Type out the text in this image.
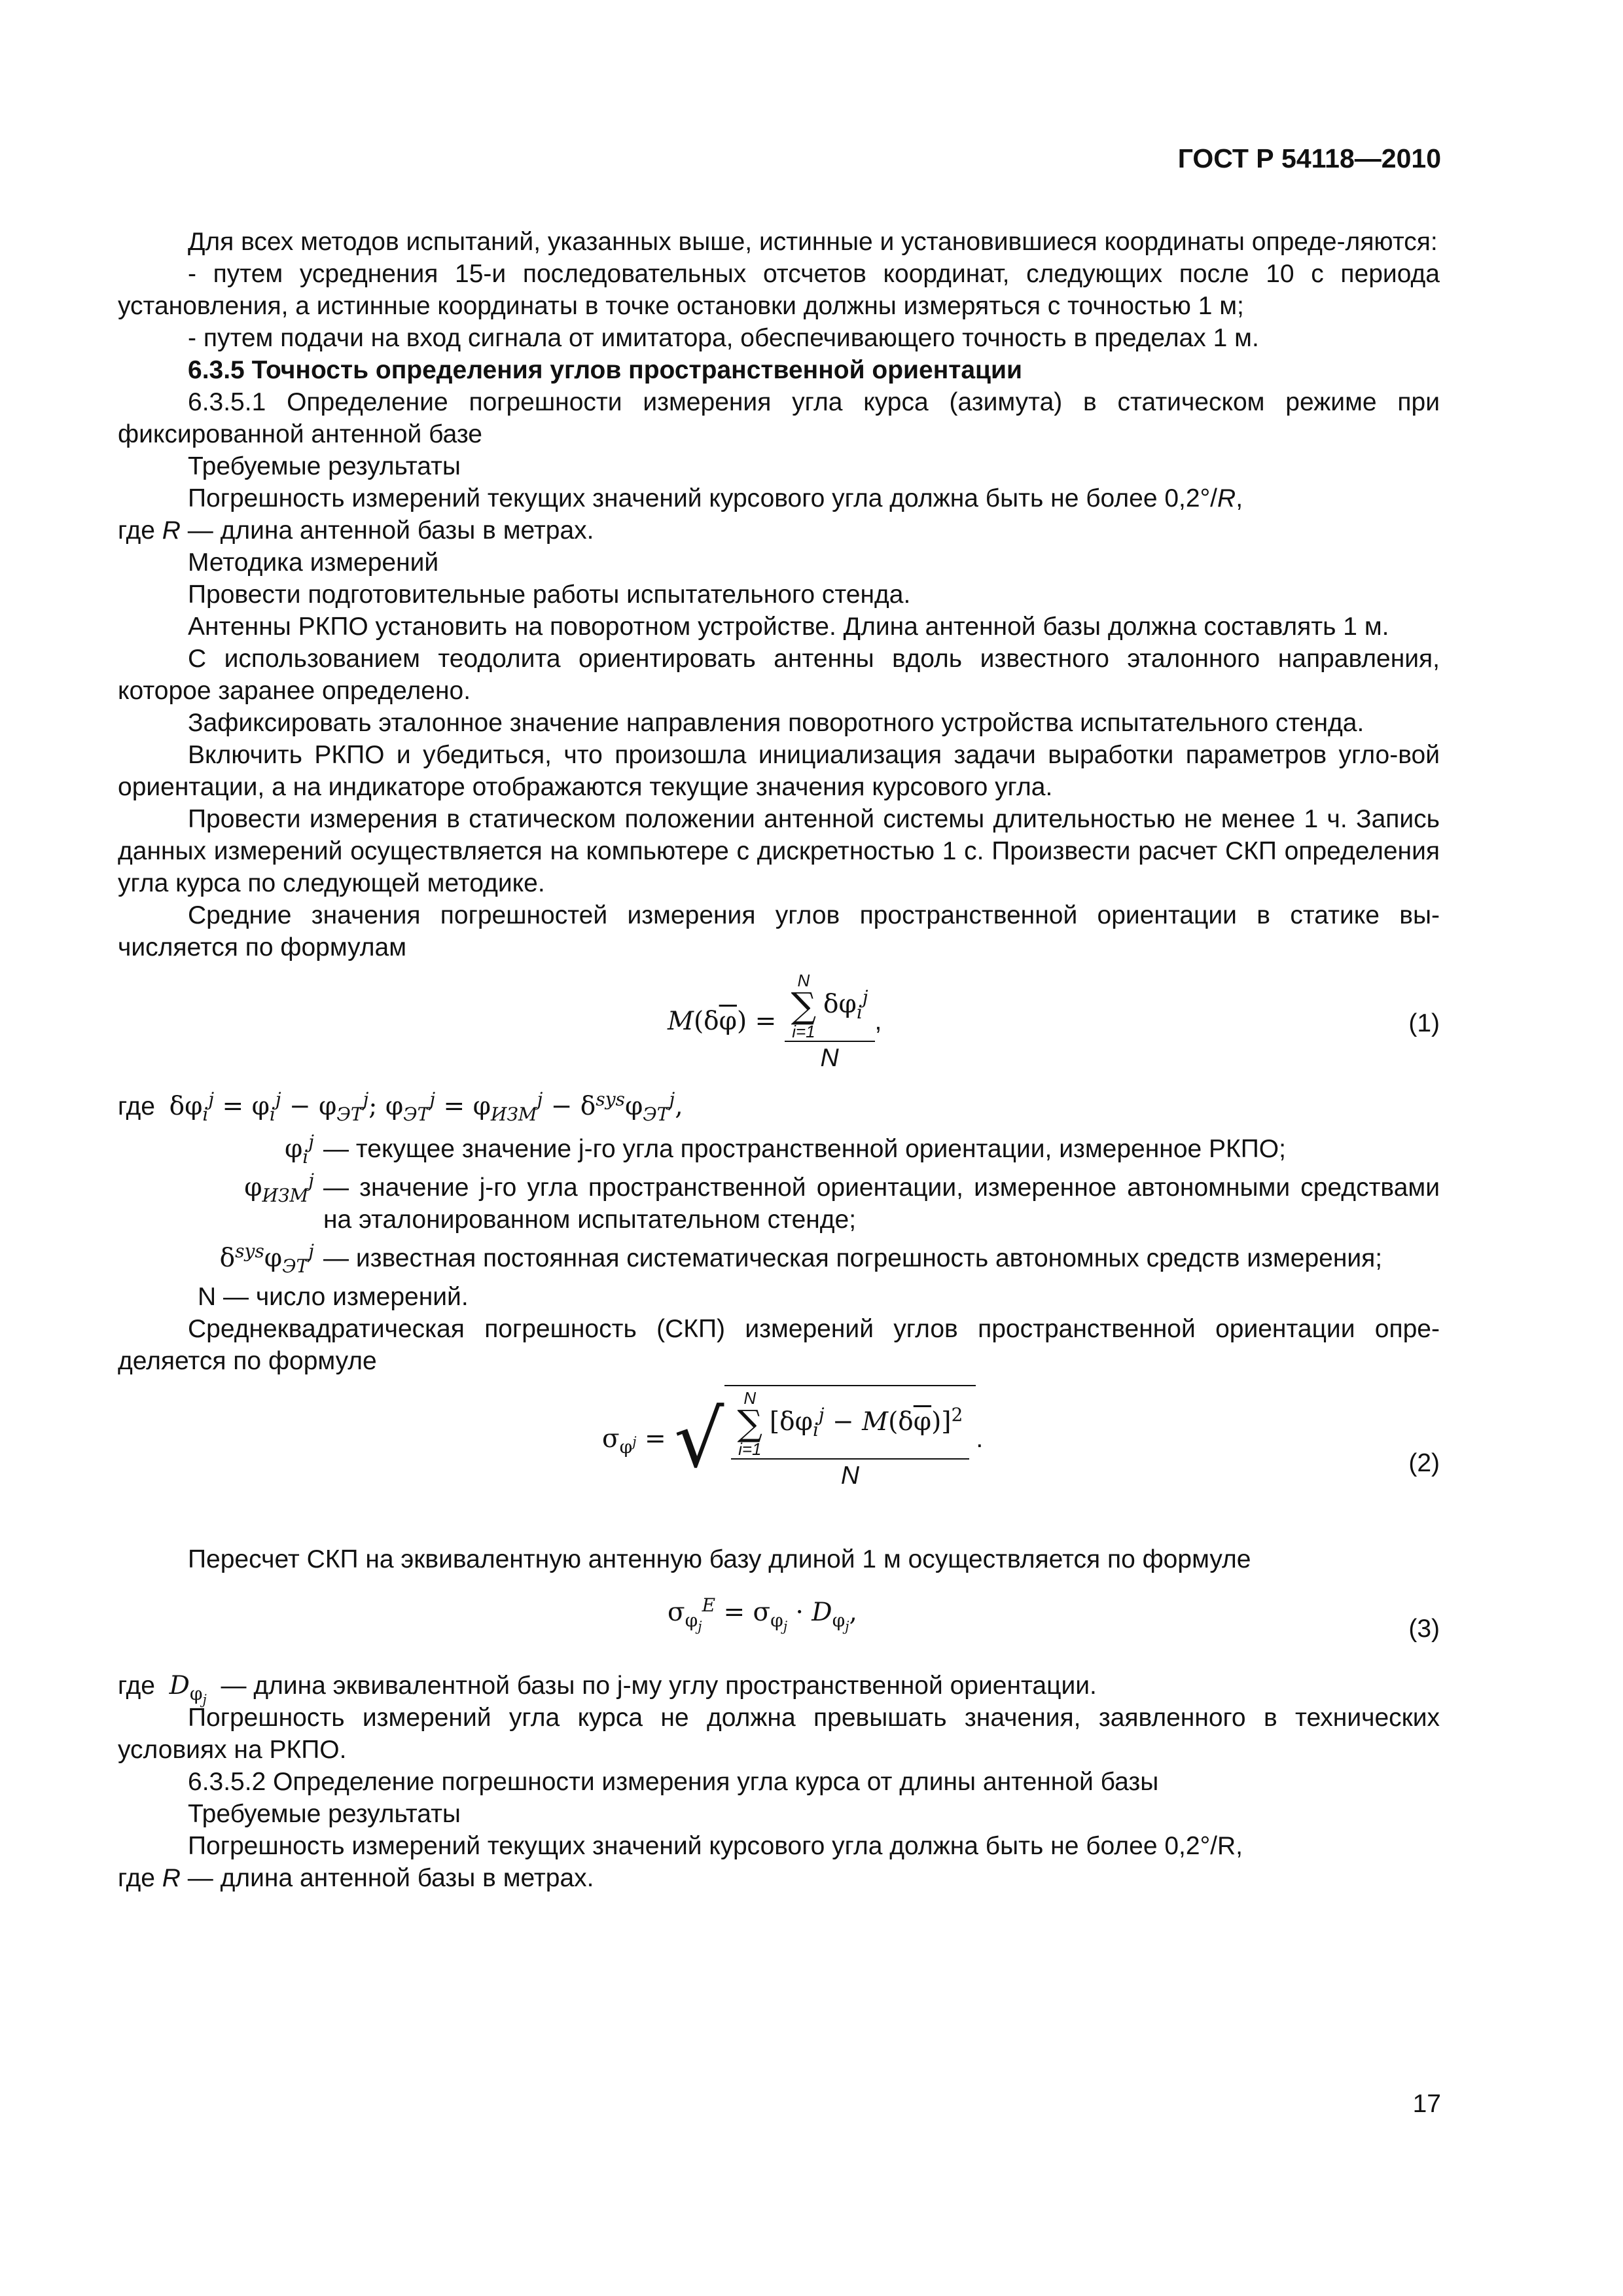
ГОСТ Р 54118—2010

Для всех методов испытаний, указанных выше, истинные и установившиеся координаты опреде-ляются:

- путем усреднения 15-и последовательных отсчетов координат, следующих после 10 с периода установления, а истинные координаты в точке остановки должны измеряться с точностью 1 м;

- путем подачи на вход сигнала от имитатора, обеспечивающего точность в пределах 1 м.

6.3.5 Точность определения углов пространственной ориентации

6.3.5.1 Определение погрешности измерения угла курса (азимута) в статическом режиме при фиксированной антенной базе

Требуемые результаты

Погрешность измерений текущих значений курсового угла должна быть не более 0,2°/R,

где R — длина антенной базы в метрах.

Методика измерений

Провести подготовительные работы испытательного стенда.

Антенны РКПО установить на поворотном устройстве. Длина антенной базы должна составлять 1 м.

С использованием теодолита ориентировать антенны вдоль известного эталонного направления, которое заранее определено.

Зафиксировать эталонное значение направления поворотного устройства испытательного стенда.

Включить РКПО и убедиться, что произошла инициализация задачи выработки параметров угло-вой ориентации, а на индикаторе отображаются текущие значения курсового угла.

Провести измерения в статическом положении антенной системы длительностью не менее 1 ч. Запись данных измерений осуществляется на компьютере с дискретностью 1 с. Произвести расчет СКП определения угла курса по следующей методике.

Средние значения погрешностей измерения углов пространственной ориентации в статике вы-числяется по формулам

$M(\delta\overline{\varphi}) = N$
∑
i=1
$\delta\varphi_i^j$
N ,	(1)

где $\delta\varphi_i^j = \varphi_i^j - \varphi_{ЭТ}^j$; $\varphi_{ЭТ}^j = \varphi_{ИЗМ}^j - \delta^{sys}\varphi_{ЭТ}^j$,

$\varphi_i^j$ — текущее значение j-го угла пространственной ориентации, измеренное РКПО;
$\varphi_{ИЗМ}^j$ — значение j-го угла пространственной ориентации, измеренное автономными средствами на эталонированном испытательном стенде;
$\delta^{sys}\varphi_{ЭТ}^j$ — известная постоянная систематическая погрешность автономных средств измерения;

N — число измерений.

Среднеквадратическая погрешность (СКП) измерений углов пространственной ориентации опре-деляется по формуле

$\sigma_{\varphi^j}$ = √ N
∑
i=1
$[\delta\varphi_i^j - M(\delta\overline{\varphi})]^2$
N .
(2)

Пересчет СКП на эквивалентную антенную базу длиной 1 м осуществляется по формуле

$\sigma_{\varphi_j}^E = \sigma_{\varphi_j} \cdot D_{\varphi_j}$,
(3)

где $D_{\varphi_j}$ — длина эквивалентной базы по j-му углу пространственной ориентации.

Погрешность измерений угла курса не должна превышать значения, заявленного в технических условиях на РКПО.

6.3.5.2 Определение погрешности измерения угла курса от длины антенной базы

Требуемые результаты

Погрешность измерений текущих значений курсового угла должна быть не более 0,2°/R,

где R — длина антенной базы в метрах.

17
